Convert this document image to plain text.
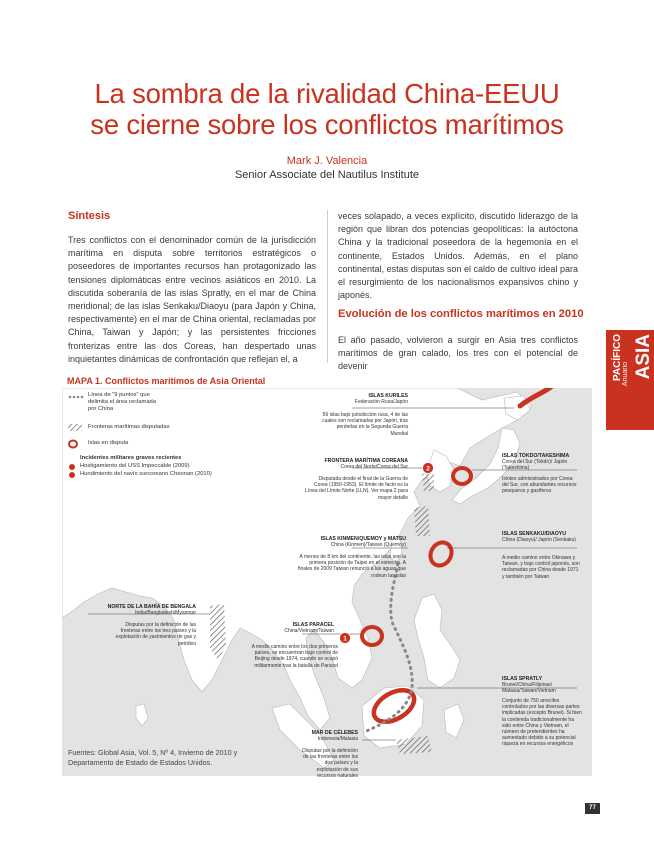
La sombra de la rivalidad China-EEUU
se cierne sobre los conflictos marítimos
Mark J. Valencia
Senior Associate del Nautilus Institute
Síntesis
Tres conflictos con el denominador común de la jurisdicción marítima en disputa sobre territorios estratégicos o poseedores de importantes recursos han protagonizado las tensiones diplomáticas entre vecinos asiáticos en 2010. La discutida soberanía de las islas Spratly, en el mar de China meridional; de las islas Senkaku/Diaoyu (para Japón y China, respectivamente) en el mar de China oriental, reclamadas por China, Taiwan y Japón; y las persistentes fricciones fronterizas entre las dos Coreas, han despertado unas inquietantes dinámicas de confrontación que reflejan el, a
veces solapado, a veces explícito, discutido liderazgo de la región que libran dos potencias geopolíticas: la autóctona China y la tradicional poseedora de la hegemonía en el continente, Estados Unidos. Además, en el plano continental, estas disputas son el caldo de cultivo ideal para el resurgimiento de los nacionalismos expansivos chino y japonés.
Evolución de los conflictos marítimos en 2010
El año pasado, volvieron a surgir en Asia tres conflictos marítimos de gran calado, los tres con el potencial de devenir	ASIA
Anuario
PACÍFICO
MAPA 1. Conflictos marítimos de Asia Oriental
1
2
Línea de "9 puntos" que delimita el área reclamada por China
Fronteras marítimas disputadas
Islas en disputa
Incidentes militares graves recientes
Hostigamiento del USS Impeccable (2009)
Hundimiento del navío surcoreano Cheonan (2010)
ISLAS KURILES
Federación Rusa/Japón
56 islas bajo jurisdicción rusa, 4 de las cuales son reclamadas por Japón, tras perderlas en la Segunda Guerra Mundial
FRONTERA MARÍTIMA COREANA
Corea del Norte/Corea del Sur
Disputada desde el final de la Guerra de Corea (1950-1953). El límite de facto es la Línea del Límite Norte (LLN). Ver mapa 2 para mayor detalle
ISLAS TOKDO/TAKESHIMA
Corea del Sur (Tokdo)/ Japón (Takeshima)
Islotes administrados por Corea del Sur, con abundantes recursos pesqueros y gasíferos
ISLAS KINMEN/QUEMOY y MATSU
China (Kinmen)/Taiwan (Quemoy)
A menos de 8 km del continente, las islas son la primera posición de Taipei en el estrecho. A finales de 2009 Taiwan renunció a las aguas que rodean las islas
ISLAS SENKAKU/DIAOYU
China (Diaoyu)/ Japón (Senkaku)
A medio camino entre Okinawa y Taiwan, y bajo control japonés, son reclamadas por China desde 1971 y también por Taiwan
NORTE DE LA BAHÍA DE BENGALA
India/Bangladesh/Myanmar
Disputas por la definición de las fronteras entre los tres países y la explotación de yacimientos de gas y petróleo
ISLAS PARACEL
China/Vietnam/Taiwan
A medio camino entre los dos primeros países, se encuentran bajo control de Beijing desde 1974, cuando se ocupó militarmente tras la batalla de Paracel
ISLAS SPRATLY
Brunei/China/Filipinas/ Malasia/Taiwan/Vietnam
Conjunto de 750 arrecifes controlados por las diversas partes implicadas (excepto Brunei). Si bien la contienda tradicionalmente ha sido entre China y Vietnam, el número de pretendientes ha aumentado debido a su potencial riqueza en recursos energéticos
MAR DE CÉLEBES
Indonesia/Malasia
Disputas por la definición de las fronteras entre los dos países y la explotación de sus recursos naturales
Fuentes: Global Asia, Vol. 5, Nº 4, Invierno de 2010 y
Departamento de Estado de Estados Unidos.
77
